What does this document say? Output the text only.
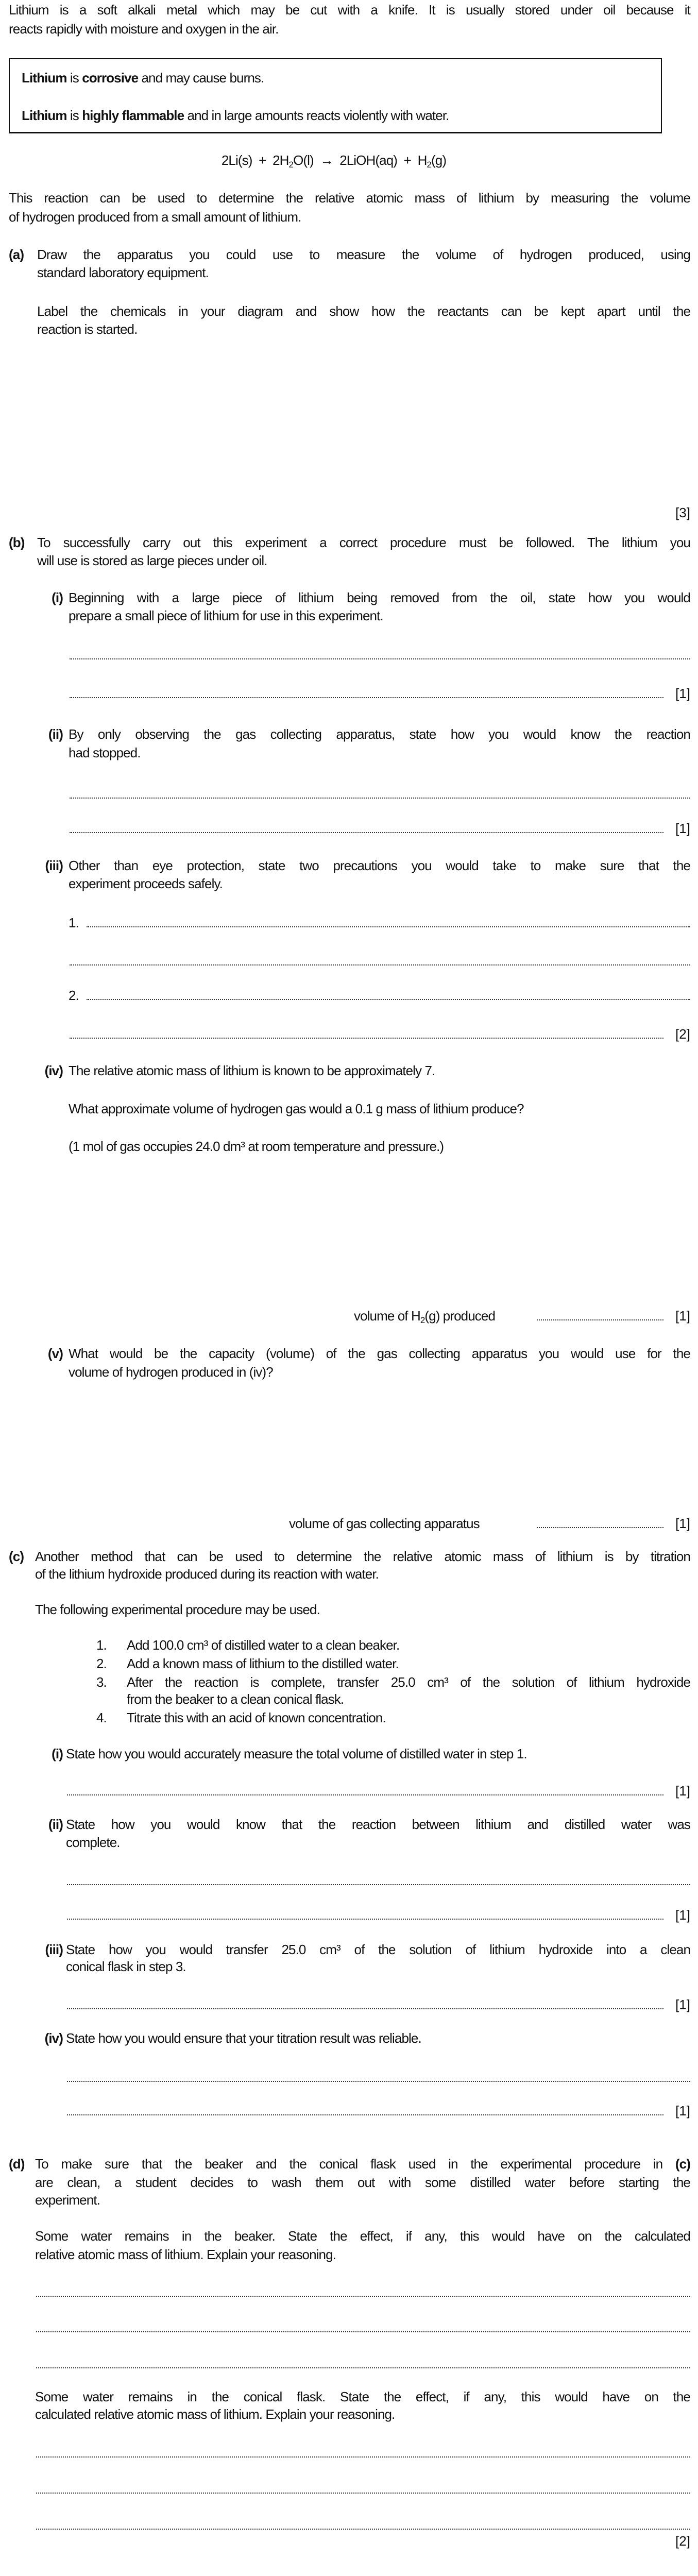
Lithium is a soft alkali metal which may be cut with a knife. It is usually stored under oil because it
reacts rapidly with moisture and oxygen in the air.
Lithium is corrosive and may cause burns.
Lithium is highly flammable and in large amounts reacts violently with water.
$2Li(s) + 2H_2O(l)$  →  2LiOH(aq)  +  $H_2(g)$
This reaction can be used to determine the relative atomic mass of lithium by measuring the volume
of hydrogen produced from a small amount of lithium.
(a) Draw the apparatus you could use to measure the volume of hydrogen produced, using
standard laboratory equipment.
Label the chemicals in your diagram and show how the reactants can be kept apart until the
reaction is started.
[3]
(b) To successfully carry out this experiment a correct procedure must be followed. The lithium you
will use is stored as large pieces under oil.
(i) Beginning with a large piece of lithium being removed from the oil, state how you would
prepare a small piece of lithium for use in this experiment.
[1]
(ii) By only observing the gas collecting apparatus, state how you would know the reaction
had stopped.
[1]
(iii) Other than eye protection, state two precautions you would take to make sure that the
experiment proceeds safely.
1.
2.
[2]
(iv) The relative atomic mass of lithium is known to be approximately 7.
What approximate volume of hydrogen gas would a 0.1 g mass of lithium produce?
(1 mol of gas occupies 24.0 dm³ at room temperature and pressure.)
volume of $H_2(g)$ produced	[1]
(v) What would be the capacity (volume) of the gas collecting apparatus you would use for the
volume of hydrogen produced in (iv)?
volume of gas collecting apparatus	[1]
(c) Another method that can be used to determine the relative atomic mass of lithium is by titration
of the lithium hydroxide produced during its reaction with water.
The following experimental procedure may be used.
1. Add 100.0 cm³ of distilled water to a clean beaker.
2. Add a known mass of lithium to the distilled water.
3. After the reaction is complete, transfer 25.0 cm³ of the solution of lithium hydroxide
from the beaker to a clean conical flask.
4. Titrate this with an acid of known concentration.
(i) State how you would accurately measure the total volume of distilled water in step 1.
[1]
(ii) State how you would know that the reaction between lithium and distilled water was
complete.
[1]
(iii) State how you would transfer 25.0 cm³ of the solution of lithium hydroxide into a clean
conical flask in step 3.
[1]
(iv) State how you would ensure that your titration result was reliable.
[1]
(d) To make sure that the beaker and the conical flask used in the experimental procedure in (c)
are clean, a student decides to wash them out with some distilled water before starting the
experiment.
Some water remains in the beaker. State the effect, if any, this would have on the calculated
relative atomic mass of lithium. Explain your reasoning.
Some water remains in the conical flask. State the effect, if any, this would have on the
calculated relative atomic mass of lithium. Explain your reasoning.
[2]
